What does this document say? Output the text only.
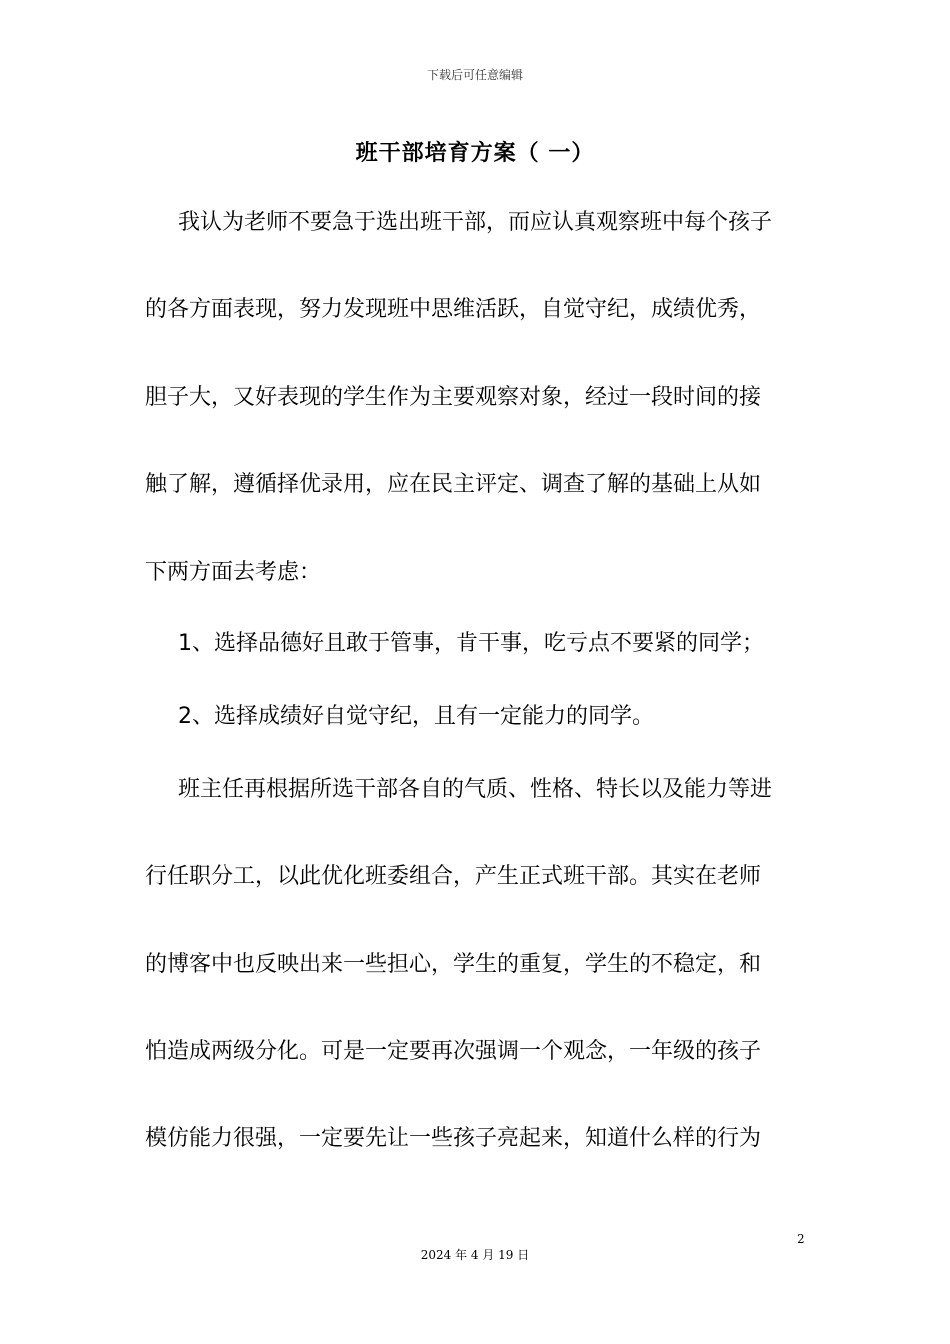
下载后可任意编辑
班干部培育方案（ 一）
我认为老师不要急于选出班干部，而应认真观察班中每个孩子
的各方面表现，努力发现班中思维活跃，自觉守纪，成绩优秀，
胆子大，又好表现的学生作为主要观察对象，经过一段时间的接
触了解，遵循择优录用，应在民主评定、调查了解的基础上从如
下两方面去考虑：
1、选择品德好且敢于管事，肯干事，吃亏点不要紧的同学；
2、选择成绩好自觉守纪，且有一定能力的同学。
班主任再根据所选干部各自的气质、性格、特长以及能力等进
行任职分工，以此优化班委组合，产生正式班干部。其实在老师
的博客中也反映出来一些担心，学生的重复，学生的不稳定，和
怕造成两级分化。可是一定要再次强调一个观念，一年级的孩子
模仿能力很强，一定要先让一些孩子亮起来，知道什么样的行为
2
2024 年 4 月 19 日
